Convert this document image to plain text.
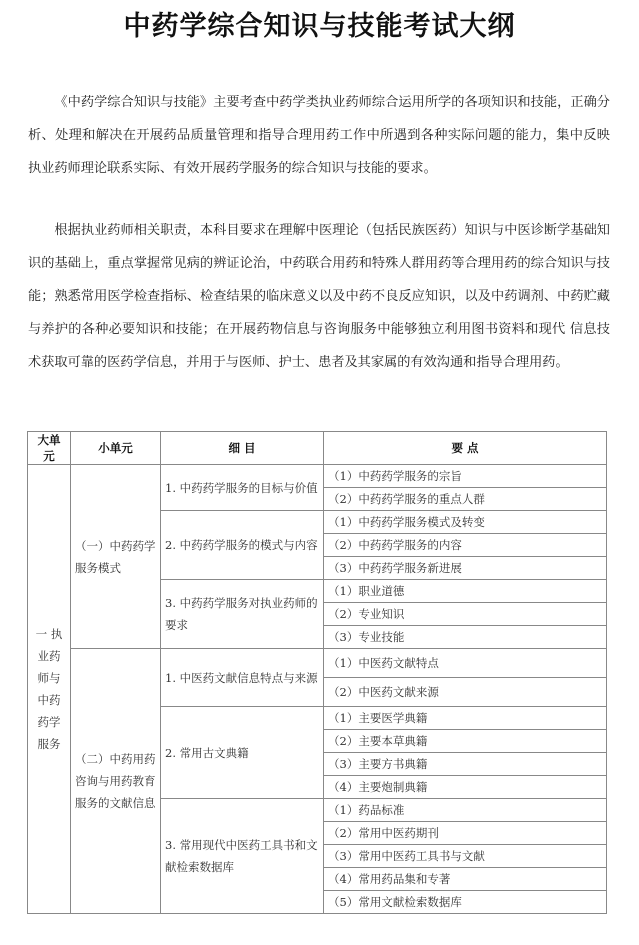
中药学综合知识与技能考试大纲

《中药学综合知识与技能》主要考查中药学类执业药师综合运用所学的各项知识和技能，正确分析、处理和解决在开展药品质量管理和指导合理用药工作中所遇到各种实际问题的能力，集中反映 执业药师理论联系实际、有效开展药学服务的综合知识与技能的要求。

根据执业药师相关职责，本科目要求在理解中医理论（包括民族医药）知识与中医诊断学基础知识的基础上，重点掌握常见病的辨证论治，中药联合用药和特殊人群用药等合理用药的综合知识与技能；熟悉常用医学检查指标、检查结果的临床意义以及中药不良反应知识，以及中药调剂、中药贮藏与养护的各种必要知识和技能；在开展药物信息与咨询服务中能够独立利用图书资料和现代 信息技术获取可靠的医药学信息，并用于与医师、护士、患者及其家属的有效沟通和指导合理用药。

大单元	小单元	细 目	要 点
一 执业药师与中药药学服务	（一）中药药学服务模式	1. 中药药学服务的目标与价值	（1）中药药学服务的宗旨
			（2）中药药学服务的重点人群
		2. 中药药学服务的模式与内容	（1）中药药学服务模式及转变
			（2）中药药学服务的内容
			（3）中药药学服务新进展
		3. 中药药学服务对执业药师的要求	（1）职业道德
			（2）专业知识
			（3）专业技能
	（二）中药用药咨询与用药教育服务的文献信息	1. 中医药文献信息特点与来源	（1）中医药文献特点
			（2）中医药文献来源
		2. 常用古文典籍	（1）主要医学典籍
			（2）主要本草典籍
			（3）主要方书典籍
			（4）主要炮制典籍
		3. 常用现代中医药工具书和文献检索数据库	（1）药品标准
			（2）常用中医药期刊
			（3）常用中医药工具书与文献
			（4）常用药品集和专著
			（5）常用文献检索数据库
